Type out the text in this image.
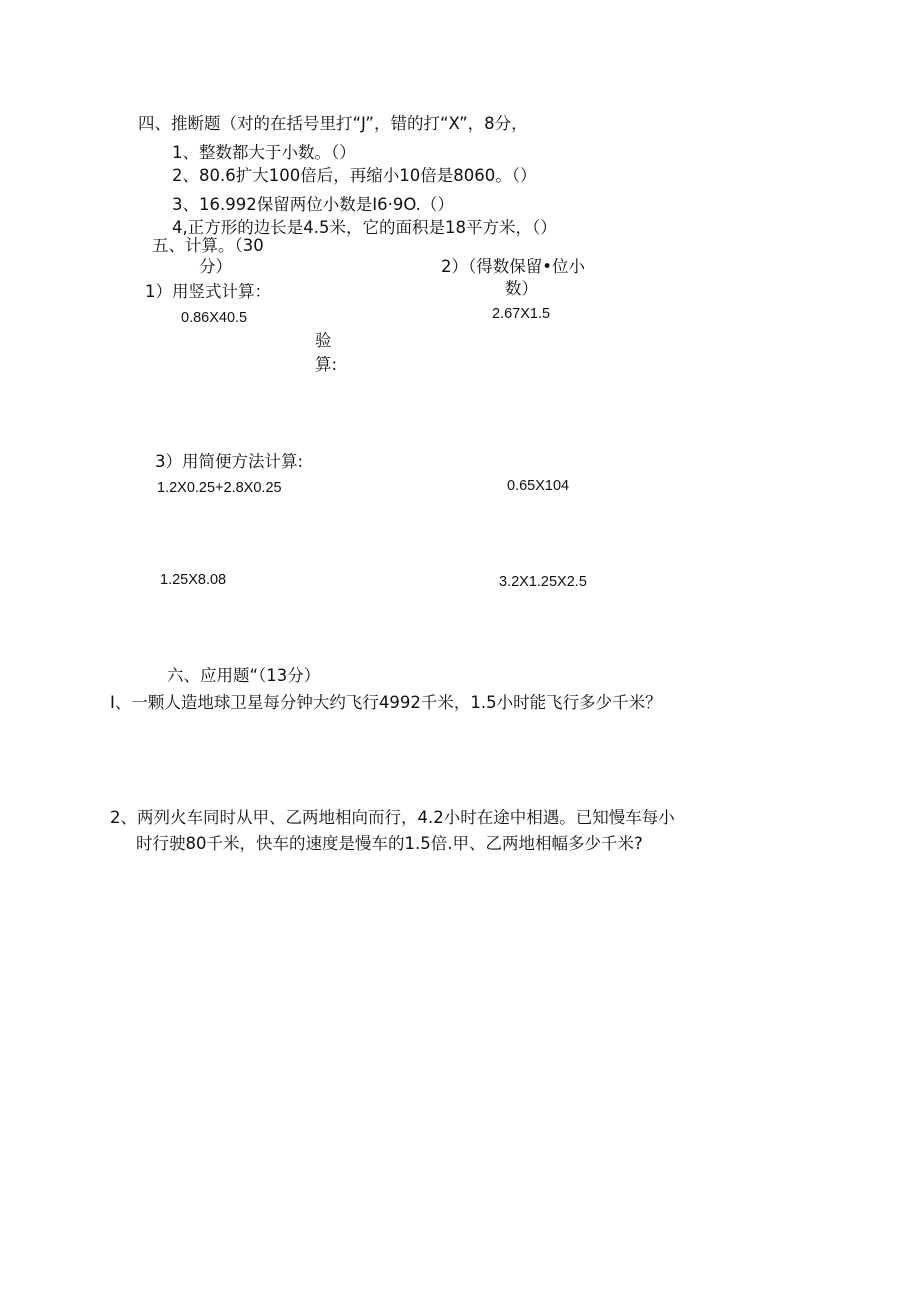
四、推断题（对的在括号里打“J”，错的打“X”，8分，
1、整数都大于小数。（）
2、80.6扩大100倍后，再缩小10倍是8060。（）
3、16.992保留两位小数是I6·9O.（）
4,正方形的边长是4.5米，它的面积是18平方米，（）
五、计算。（30
分）
1）用竖式计算：
0.86X40.5
验
算:
2）（得数保留•位小
数）
2.67X1.5
3）用简便方法计算:
1.2X0.25+2.8X0.25	0.65X104
1.25X8.08	3.2X1.25X2.5
六、应用题“（13分）
I、一颗人造地球卫星每分钟大约飞行4992千米，1.5小时能飞行多少千米？
2、两列火车同时从甲、乙两地相向而行，4.2小时在途中相遇。已知慢车每小
时行驶80千米，快车的速度是慢车的1.5倍.甲、乙两地相幅多少千米?
